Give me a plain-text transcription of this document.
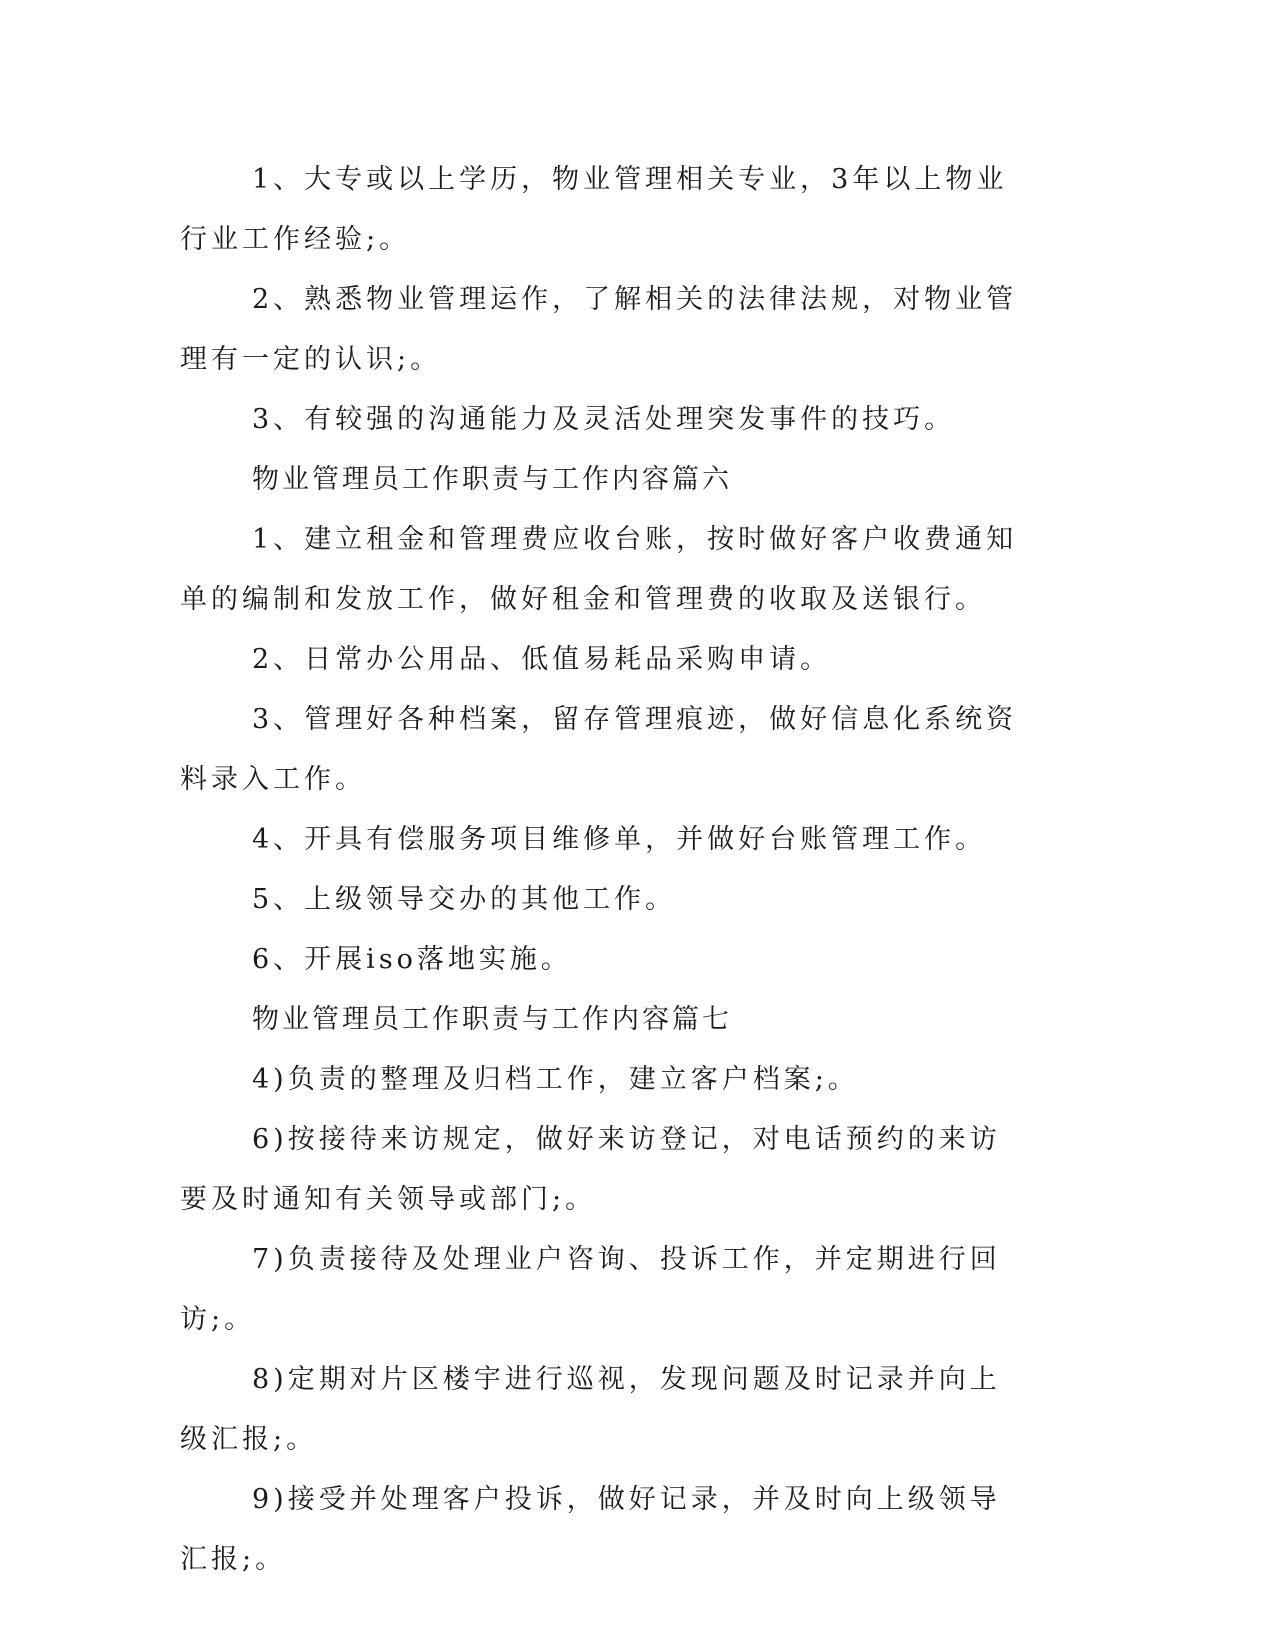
1、大专或以上学历，物业管理相关专业，3年以上物业行业工作经验;。

2、熟悉物业管理运作，了解相关的法律法规，对物业管理有一定的认识;。

3、有较强的沟通能力及灵活处理突发事件的技巧。

物业管理员工作职责与工作内容篇六

1、建立租金和管理费应收台账，按时做好客户收费通知单的编制和发放工作，做好租金和管理费的收取及送银行。

2、日常办公用品、低值易耗品采购申请。

3、管理好各种档案，留存管理痕迹，做好信息化系统资料录入工作。

4、开具有偿服务项目维修单，并做好台账管理工作。

5、上级领导交办的其他工作。

6、开展iso落地实施。

物业管理员工作职责与工作内容篇七

4)负责的整理及归档工作，建立客户档案;。

6)按接待来访规定，做好来访登记，对电话预约的来访要及时通知有关领导或部门;。

7)负责接待及处理业户咨询、投诉工作，并定期进行回访;。

8)定期对片区楼宇进行巡视，发现问题及时记录并向上级汇报;。

9)接受并处理客户投诉，做好记录，并及时向上级领导汇报;。
